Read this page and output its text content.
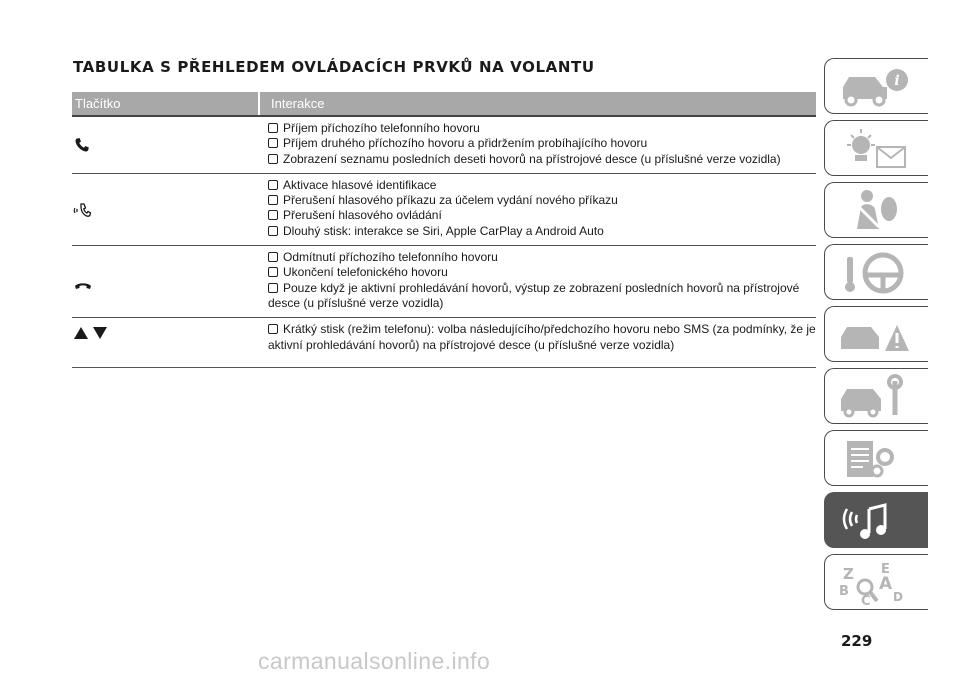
TABULKA S PŘEHLEDEM OVLÁDACÍCH PRVKŮ NA VOLANTU
Tlačítko	Interakce
Příjem příchozího telefonního hovoru
Příjem druhého příchozího hovoru a přidržením probíhajícího hovoru
Zobrazení seznamu posledních deseti hovorů na přístrojové desce (u příslušné verze vozidla)
Aktivace hlasové identifikace
Přerušení hlasového příkazu za účelem vydání nového příkazu
Přerušení hlasového ovládání
Dlouhý stisk: interakce se Siri, Apple CarPlay a Android Auto
Odmítnutí příchozího telefonního hovoru
Ukončení telefonického hovoru
Pouze když je aktivní prohledávání hovorů, výstup ze zobrazení posledních hovorů na přístrojové desce (u příslušné verze vozidla)
Krátký stisk (režim telefonu): volba následujícího/předchozího hovoru nebo SMS (za podmínky, že je aktivní prohledávání hovorů) na přístrojové desce (u příslušné verze vozidla)
i
Z E
B A
C D
229
carmanualsonline.info
